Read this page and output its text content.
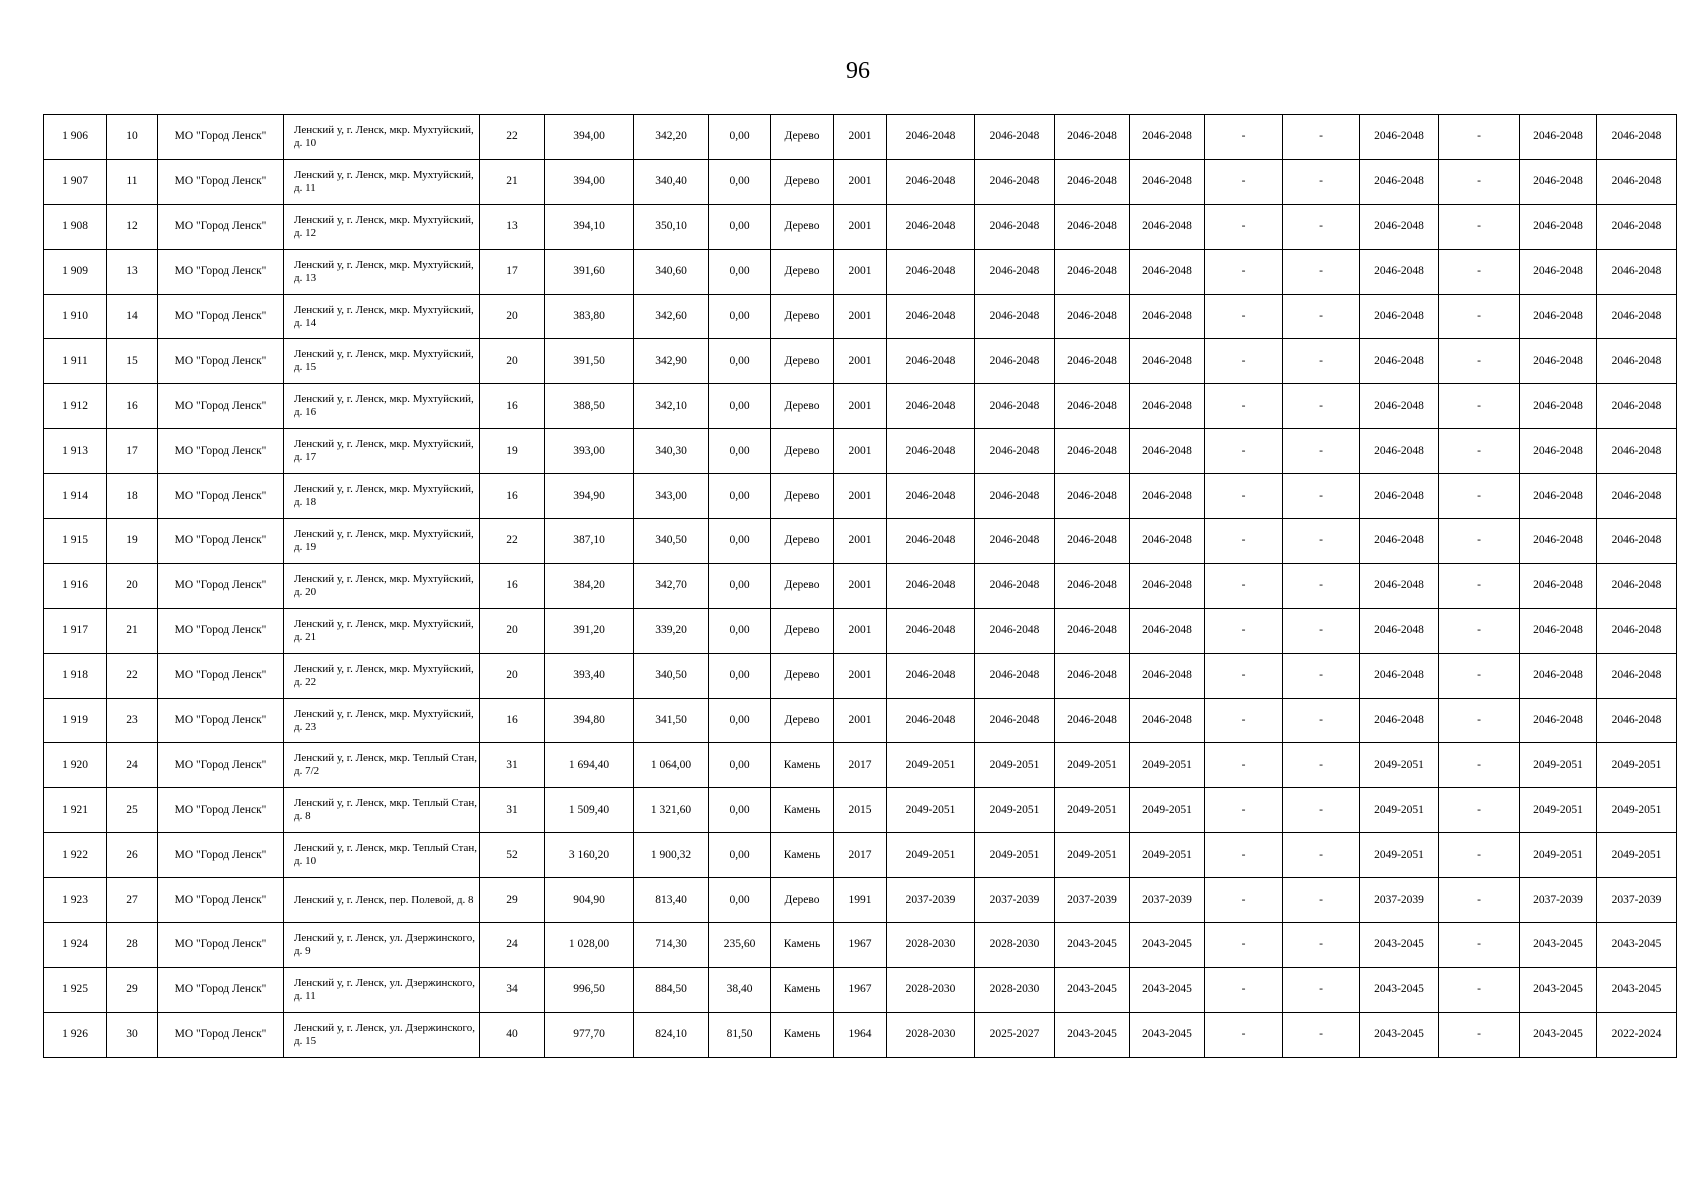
96
1 906	10	МО "Город Ленск"	Ленский у, г. Ленск, мкр. Мухтуйский, д. 10	22	394,00	342,20	0,00	Дерево	2001	2046-2048	2046-2048	2046-2048	2046-2048	-	-	2046-2048	-	2046-2048	2046-2048
1 907	11	МО "Город Ленск"	Ленский у, г. Ленск, мкр. Мухтуйский, д. 11	21	394,00	340,40	0,00	Дерево	2001	2046-2048	2046-2048	2046-2048	2046-2048	-	-	2046-2048	-	2046-2048	2046-2048
1 908	12	МО "Город Ленск"	Ленский у, г. Ленск, мкр. Мухтуйский, д. 12	13	394,10	350,10	0,00	Дерево	2001	2046-2048	2046-2048	2046-2048	2046-2048	-	-	2046-2048	-	2046-2048	2046-2048
1 909	13	МО "Город Ленск"	Ленский у, г. Ленск, мкр. Мухтуйский, д. 13	17	391,60	340,60	0,00	Дерево	2001	2046-2048	2046-2048	2046-2048	2046-2048	-	-	2046-2048	-	2046-2048	2046-2048
1 910	14	МО "Город Ленск"	Ленский у, г. Ленск, мкр. Мухтуйский, д. 14	20	383,80	342,60	0,00	Дерево	2001	2046-2048	2046-2048	2046-2048	2046-2048	-	-	2046-2048	-	2046-2048	2046-2048
1 911	15	МО "Город Ленск"	Ленский у, г. Ленск, мкр. Мухтуйский, д. 15	20	391,50	342,90	0,00	Дерево	2001	2046-2048	2046-2048	2046-2048	2046-2048	-	-	2046-2048	-	2046-2048	2046-2048
1 912	16	МО "Город Ленск"	Ленский у, г. Ленск, мкр. Мухтуйский, д. 16	16	388,50	342,10	0,00	Дерево	2001	2046-2048	2046-2048	2046-2048	2046-2048	-	-	2046-2048	-	2046-2048	2046-2048
1 913	17	МО "Город Ленск"	Ленский у, г. Ленск, мкр. Мухтуйский, д. 17	19	393,00	340,30	0,00	Дерево	2001	2046-2048	2046-2048	2046-2048	2046-2048	-	-	2046-2048	-	2046-2048	2046-2048
1 914	18	МО "Город Ленск"	Ленский у, г. Ленск, мкр. Мухтуйский, д. 18	16	394,90	343,00	0,00	Дерево	2001	2046-2048	2046-2048	2046-2048	2046-2048	-	-	2046-2048	-	2046-2048	2046-2048
1 915	19	МО "Город Ленск"	Ленский у, г. Ленск, мкр. Мухтуйский, д. 19	22	387,10	340,50	0,00	Дерево	2001	2046-2048	2046-2048	2046-2048	2046-2048	-	-	2046-2048	-	2046-2048	2046-2048
1 916	20	МО "Город Ленск"	Ленский у, г. Ленск, мкр. Мухтуйский, д. 20	16	384,20	342,70	0,00	Дерево	2001	2046-2048	2046-2048	2046-2048	2046-2048	-	-	2046-2048	-	2046-2048	2046-2048
1 917	21	МО "Город Ленск"	Ленский у, г. Ленск, мкр. Мухтуйский, д. 21	20	391,20	339,20	0,00	Дерево	2001	2046-2048	2046-2048	2046-2048	2046-2048	-	-	2046-2048	-	2046-2048	2046-2048
1 918	22	МО "Город Ленск"	Ленский у, г. Ленск, мкр. Мухтуйский, д. 22	20	393,40	340,50	0,00	Дерево	2001	2046-2048	2046-2048	2046-2048	2046-2048	-	-	2046-2048	-	2046-2048	2046-2048
1 919	23	МО "Город Ленск"	Ленский у, г. Ленск, мкр. Мухтуйский, д. 23	16	394,80	341,50	0,00	Дерево	2001	2046-2048	2046-2048	2046-2048	2046-2048	-	-	2046-2048	-	2046-2048	2046-2048
1 920	24	МО "Город Ленск"	Ленский у, г. Ленск, мкр. Теплый Стан, д. 7/2	31	1 694,40	1 064,00	0,00	Камень	2017	2049-2051	2049-2051	2049-2051	2049-2051	-	-	2049-2051	-	2049-2051	2049-2051
1 921	25	МО "Город Ленск"	Ленский у, г. Ленск, мкр. Теплый Стан, д. 8	31	1 509,40	1 321,60	0,00	Камень	2015	2049-2051	2049-2051	2049-2051	2049-2051	-	-	2049-2051	-	2049-2051	2049-2051
1 922	26	МО "Город Ленск"	Ленский у, г. Ленск, мкр. Теплый Стан, д. 10	52	3 160,20	1 900,32	0,00	Камень	2017	2049-2051	2049-2051	2049-2051	2049-2051	-	-	2049-2051	-	2049-2051	2049-2051
1 923	27	МО "Город Ленск"	Ленский у, г. Ленск, пер. Полевой, д. 8	29	904,90	813,40	0,00	Дерево	1991	2037-2039	2037-2039	2037-2039	2037-2039	-	-	2037-2039	-	2037-2039	2037-2039
1 924	28	МО "Город Ленск"	Ленский у, г. Ленск, ул. Дзержинского, д. 9	24	1 028,00	714,30	235,60	Камень	1967	2028-2030	2028-2030	2043-2045	2043-2045	-	-	2043-2045	-	2043-2045	2043-2045
1 925	29	МО "Город Ленск"	Ленский у, г. Ленск, ул. Дзержинского, д. 11	34	996,50	884,50	38,40	Камень	1967	2028-2030	2028-2030	2043-2045	2043-2045	-	-	2043-2045	-	2043-2045	2043-2045
1 926	30	МО "Город Ленск"	Ленский у, г. Ленск, ул. Дзержинского, д. 15	40	977,70	824,10	81,50	Камень	1964	2028-2030	2025-2027	2043-2045	2043-2045	-	-	2043-2045	-	2043-2045	2022-2024
